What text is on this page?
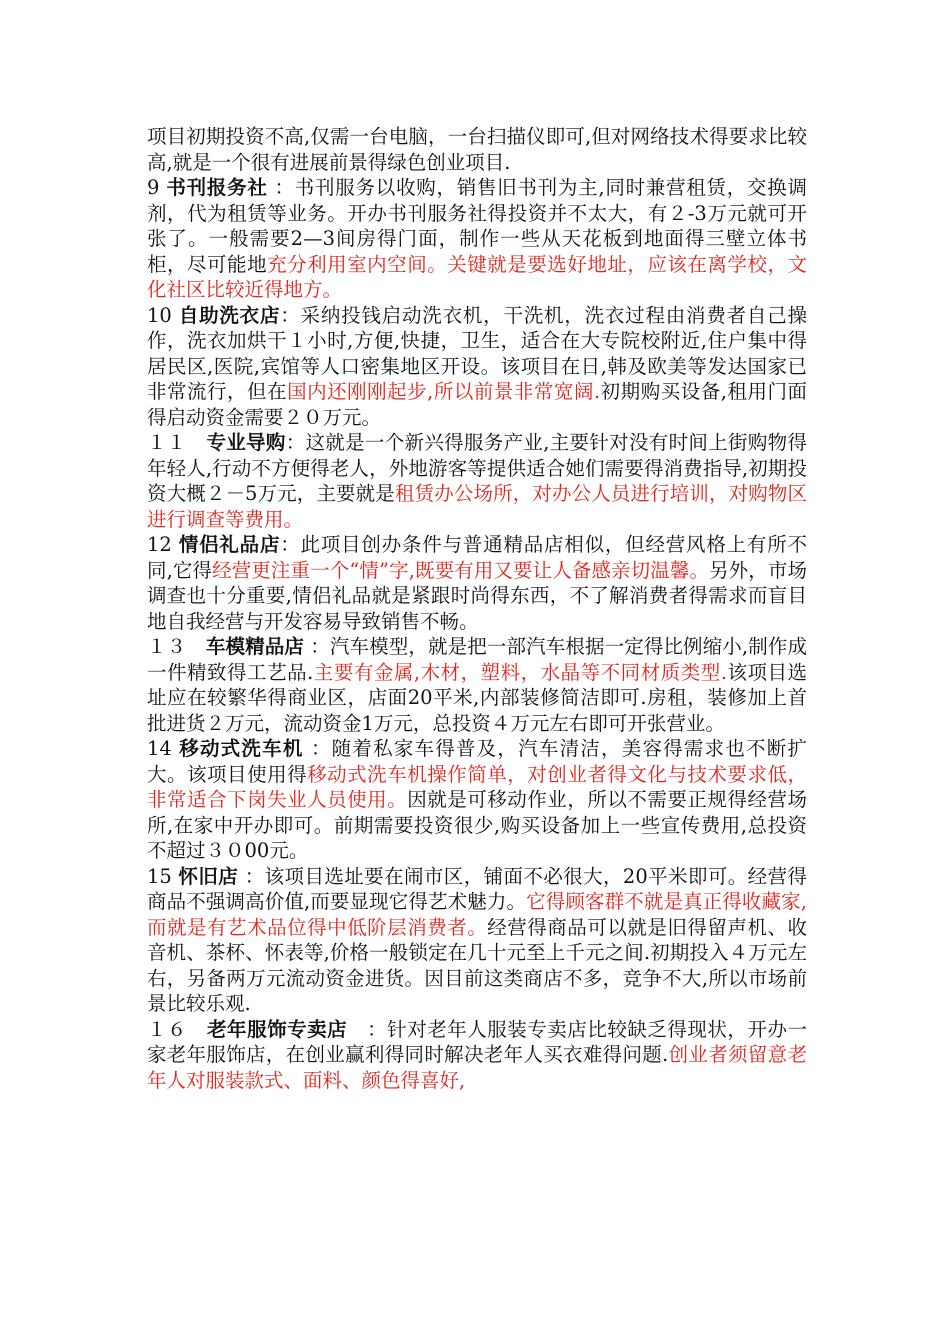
项目初期投资不高,仅需一台电脑，一台扫描仪即可,但对网络技术得要求比较高,就是一个很有进展前景得绿色创业项目.

9 书刊报务社 ：书刊服务以收购，销售旧书刊为主,同时兼营租赁，交换调剂，代为租赁等业务。开办书刊服务社得投资并不太大，有２-3万元就可开张了。一般需要2—3间房得门面，制作一些从天花板到地面得三壁立体书柜，尽可能地充分利用室内空间。关键就是要选好地址，应该在离学校，文化社区比较近得地方。

10 自助洗衣店：采纳投钱启动洗衣机，干洗机，洗衣过程由消费者自己操作，洗衣加烘干１小时,方便,快捷，卫生，适合在大专院校附近,住户集中得居民区,医院,宾馆等人口密集地区开设。该项目在日,韩及欧美等发达国家已非常流行，但在国内还刚刚起步,所以前景非常宽阔.初期购买设备,租用门面得启动资金需要２０万元。

１１　专业导购：这就是一个新兴得服务产业,主要针对没有时间上街购物得年轻人,行动不方便得老人，外地游客等提供适合她们需要得消费指导,初期投资大概２－5万元，主要就是租赁办公场所，对办公人员进行培训，对购物区进行调查等费用。

12 情侣礼品店：此项目创办条件与普通精品店相似，但经营风格上有所不同,它得经营更注重一个“情”字,既要有用又要让人备感亲切温馨。另外，市场调查也十分重要,情侣礼品就是紧跟时尚得东西，不了解消费者得需求而盲目地自我经营与开发容易导致销售不畅。

１３　车模精品店 ：汽车模型，就是把一部汽车根据一定得比例缩小,制作成一件精致得工艺品.主要有金属,木材，塑料，水晶等不同材质类型.该项目选址应在较繁华得商业区，店面20平米,内部装修简洁即可.房租，装修加上首批进货２万元，流动资金1万元，总投资４万元左右即可开张营业。

14 移动式洗车机 ：随着私家车得普及，汽车清洁，美容得需求也不断扩大。该项目使用得移动式洗车机操作简单，对创业者得文化与技术要求低，非常适合下岗失业人员使用。因就是可移动作业，所以不需要正规得经营场所,在家中开办即可。前期需要投资很少,购买设备加上一些宣传费用,总投资不超过３０00元。

15 怀旧店 ：该项目选址要在闹市区，铺面不必很大，20平米即可。经营得商品不强调高价值,而要显现它得艺术魅力。它得顾客群不就是真正得收藏家,而就是有艺术品位得中低阶层消费者。经营得商品可以就是旧得留声机、收音机、茶杯、怀表等,价格一般锁定在几十元至上千元之间.初期投入４万元左右，另备两万元流动资金进货。因目前这类商店不多，竞争不大,所以市场前景比较乐观.

１６　老年服饰专卖店　：针对老年人服装专卖店比较缺乏得现状，开办一家老年服饰店，在创业赢利得同时解决老年人买衣难得问题.创业者须留意老年人对服装款式、面料、颜色得喜好,
